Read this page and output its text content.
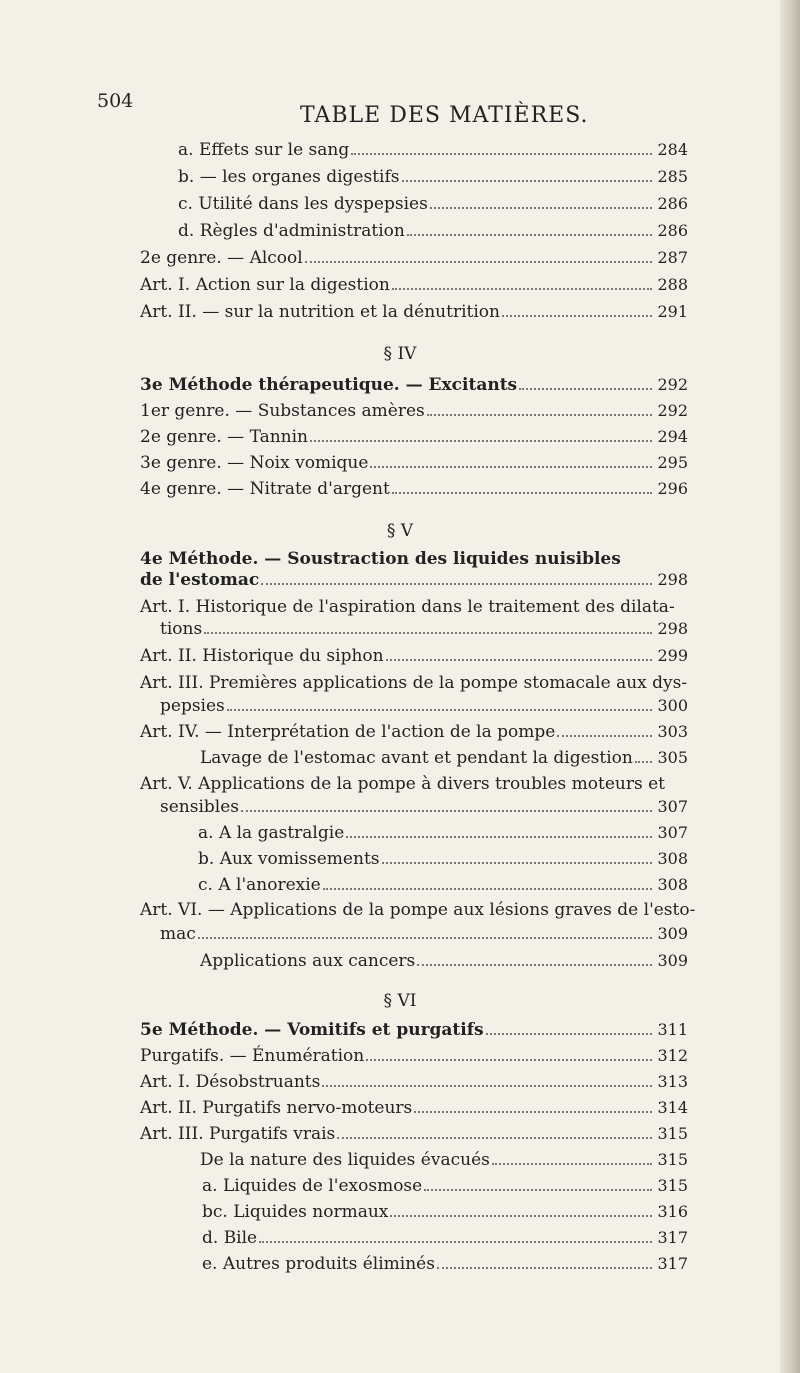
504
TABLE DES MATIÈRES.
a. Effets sur le sang	284
b. — les organes digestifs	285
c. Utilité dans les dyspepsies	286
d. Règles d'administration	286
2e genre. — Alcool	287
Art. I. Action sur la digestion	288
Art. II. — sur la nutrition et la dénutrition	291
§ IV
3e Méthode thérapeutique. — Excitants	292
1er genre. — Substances amères	292
2e genre. — Tannin	294
3e genre. — Noix vomique	295
4e genre. — Nitrate d'argent	296
§ V
4e Méthode. — Soustraction des liquides nuisibles
de l'estomac	298
Art. I. Historique de l'aspiration dans le traitement des dilata-
tions	298
Art. II. Historique du siphon	299
Art. III. Premières applications de la pompe stomacale aux dys-
pepsies	300
Art. IV. — Interprétation de l'action de la pompe	303
Lavage de l'estomac avant et pendant la digestion 305
Art. V. Applications de la pompe à divers troubles moteurs et
sensibles	307
a. A la gastralgie	307
b. Aux vomissements	308
c. A l'anorexie	308
Art. VI. — Applications de la pompe aux lésions graves de l'esto-
mac	309
Applications aux cancers	309
§ VI
5e Méthode. — Vomitifs et purgatifs	311
Purgatifs. — Énumération	312
Art. I. Désobstruants	313
Art. II. Purgatifs nervo-moteurs	314
Art. III. Purgatifs vrais	315
De la nature des liquides évacués	315
a. Liquides de l'exosmose	315
bc. Liquides normaux	316
d. Bile	317
e. Autres produits éliminés	317
